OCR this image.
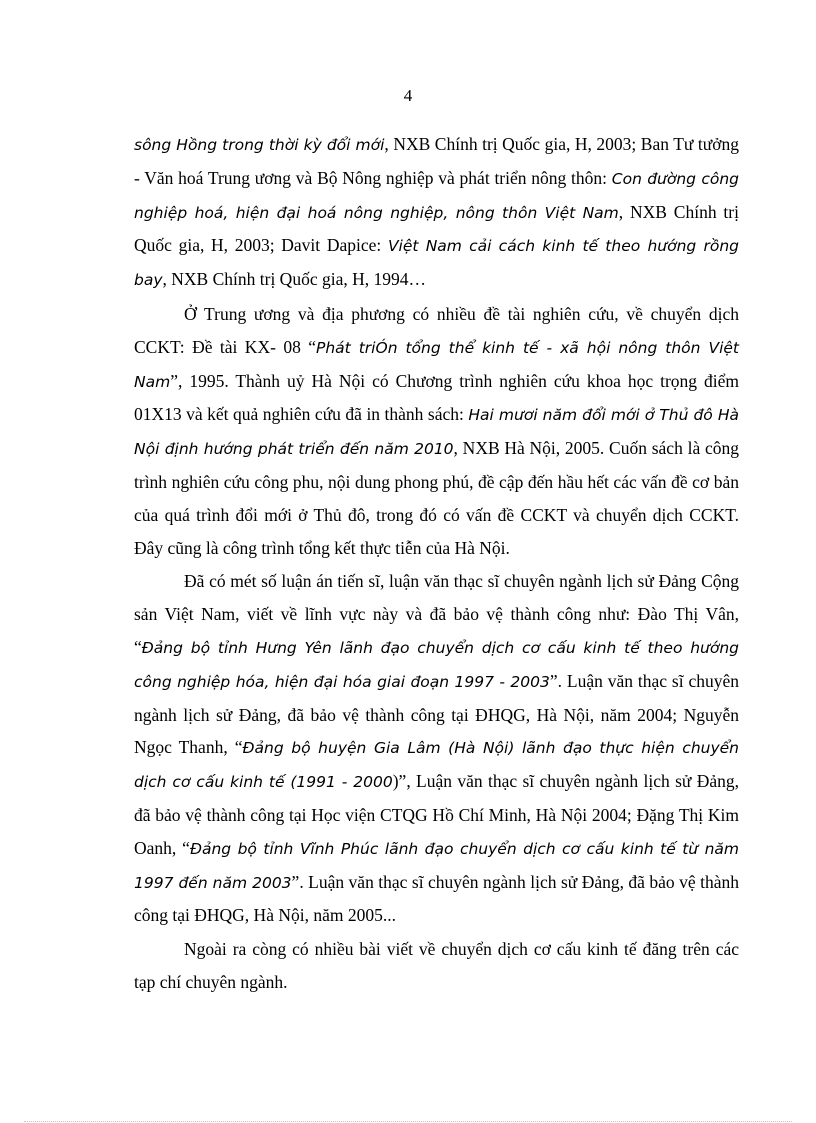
4

sông Hồng trong thời kỳ đổi mới, NXB Chính trị Quốc gia, H, 2003; Ban Tư tưởng - Văn hoá Trung ương và Bộ Nông nghiệp và phát triển nông thôn: Con đường công nghiệp hoá, hiện đại hoá nông nghiệp, nông thôn Việt Nam, NXB Chính trị Quốc gia, H, 2003; Davit Dapice: Việt Nam cải cách kinh tế theo hướng rồng bay, NXB Chính trị Quốc gia, H, 1994…

Ở Trung ương và địa phương có nhiều đề tài nghiên cứu, về chuyển dịch CCKT: Đề tài KX- 08 “Phát triÓn tổng thể kinh tế - xã hội nông thôn Việt Nam”, 1995. Thành uỷ Hà Nội có Chương trình nghiên cứu khoa học trọng điểm 01X13 và kết quả nghiên cứu đã in thành sách: Hai mươi năm đổi mới ở Thủ đô Hà Nội định hướng phát triển đến năm 2010, NXB Hà Nội, 2005. Cuốn sách là công trình nghiên cứu công phu, nội dung phong phú, đề cập đến hầu hết các vấn đề cơ bản của quá trình đổi mới ở Thủ đô, trong đó có vấn đề CCKT và chuyển dịch CCKT. Đây cũng là công trình tổng kết thực tiễn của Hà Nội.

Đã có mét số luận án tiến sĩ, luận văn thạc sĩ chuyên ngành lịch sử Đảng Cộng sản Việt Nam, viết về lĩnh vực này và đã bảo vệ thành công như: Đào Thị Vân, “Đảng bộ tỉnh Hưng Yên lãnh đạo chuyển dịch cơ cấu kinh tế theo hướng công nghiệp hóa, hiện đại hóa giai đoạn 1997 - 2003”. Luận văn thạc sĩ chuyên ngành lịch sử Đảng, đã bảo vệ thành công tại ĐHQG, Hà Nội, năm 2004; Nguyễn Ngọc Thanh, “Đảng bộ huyện Gia Lâm (Hà Nội) lãnh đạo thực hiện chuyển dịch cơ cấu kinh tế (1991 - 2000)”, Luận văn thạc sĩ chuyên ngành lịch sử Đảng, đã bảo vệ thành công tại Học viện CTQG Hồ Chí Minh, Hà Nội 2004; Đặng Thị Kim Oanh, “Đảng bộ tỉnh Vĩnh Phúc lãnh đạo chuyển dịch cơ cấu kinh tế từ năm 1997 đến năm 2003”. Luận văn thạc sĩ chuyên ngành lịch sử Đảng, đã bảo vệ thành công tại ĐHQG, Hà Nội, năm 2005...

Ngoài ra còng có nhiều bài viết về chuyển dịch cơ cấu kinh tế đăng trên các tạp chí chuyên ngành.
